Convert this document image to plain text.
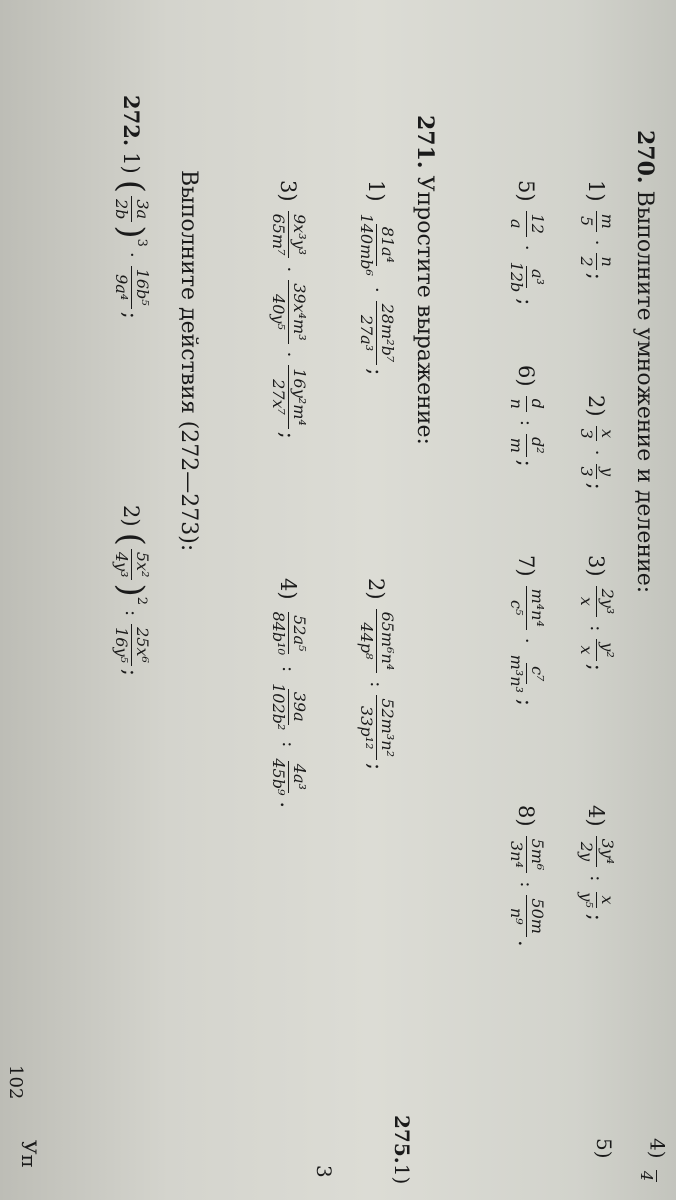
102
270. Выполните умножение и деление:
1)
m
5
·
n
2
;
2)
x
3
·
y
3
;
3)
2y³
x
:
y²
x
;
4)
3y⁴
2y
:
x
y⁵
;
5)
12
a
·
a³
12b
;
6)
d
n
:
d²
m
;
7)
m⁴n⁴
c⁵
·
c⁷
m³n³
;
8)
5m⁶
3n⁴
:
50m
n⁹
.
271. Упростите выражение:
1)
81a⁴
140mb⁶
·
28m²b⁷
27a³
;
2)
65m⁶n⁴
44p⁸
:
52m³n²
33p¹²
;
3)
9x³y³
65m⁷
·
39x⁴m³
40y⁵
·
16y²m⁴
27x⁷
;
4)
52a⁵
84b¹⁰
:
39a
102b²
:
4a³
45b⁹
.
Выполните действия (272—273):
272.
1)
(
3a
2b
)
3
·
16b⁵
9a⁴
;
2)
(
5x²
4y³
)
2
:
25x⁶
16y⁵
;
4)

4
5)
275.1)
Уп
3
